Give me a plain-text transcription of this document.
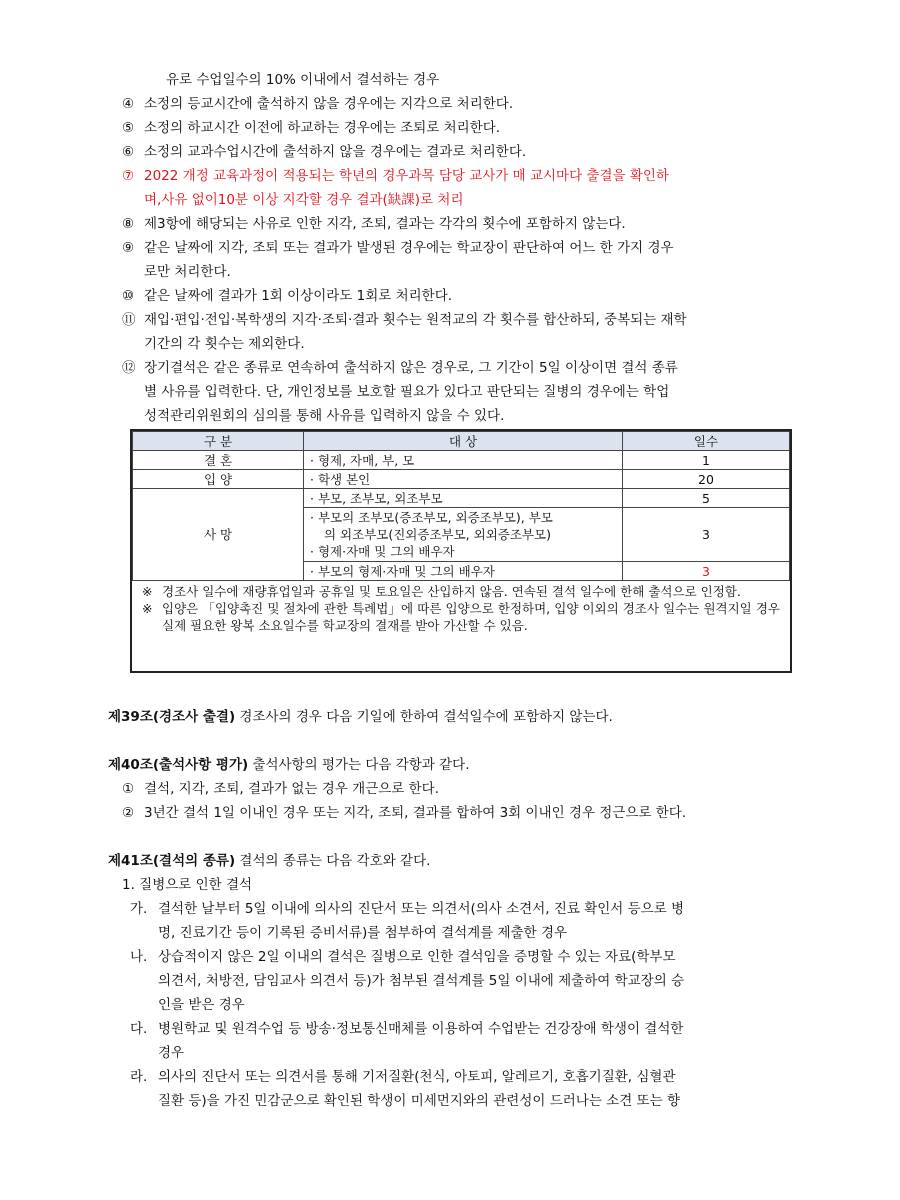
유로 수업일수의 10% 이내에서 결석하는 경우
④ 소정의 등교시간에 출석하지 않을 경우에는 지각으로 처리한다.
⑤ 소정의 하교시간 이전에 하교하는 경우에는 조퇴로 처리한다.
⑥ 소정의 교과수업시간에 출석하지 않을 경우에는 결과로 처리한다.
⑦ 2022 개정 교육과정이 적용되는 학년의 경우과목 담당 교사가 매 교시마다 출결을 확인하
며,사유 없이10분 이상 지각할 경우 결과(缺課)로 처리
⑧ 제3항에 해당되는 사유로 인한 지각, 조퇴, 결과는 각각의 횟수에 포함하지 않는다.
⑨ 같은 날짜에 지각, 조퇴 또는 결과가 발생된 경우에는 학교장이 판단하여 어느 한 가지 경우
로만 처리한다.
⑩ 같은 날짜에 결과가 1회 이상이라도 1회로 처리한다.
⑪ 재입·편입·전입·복학생의 지각·조퇴·결과 횟수는 원적교의 각 횟수를 합산하되, 중복되는 재학
기간의 각 횟수는 제외한다.
⑫ 장기결석은 같은 종류로 연속하여 출석하지 않은 경우로, 그 기간이 5일 이상이면 결석 종류
별 사유를 입력한다. 단, 개인정보를 보호할 필요가 있다고 판단되는 질병의 경우에는 학업
성적관리위원회의 심의를 통해 사유를 입력하지 않을 수 있다.
구 분	대 상	일수
결 혼	· 형제, 자매, 부, 모	1
입 양	· 학생 본인	20
사 망	· 부모, 조부모, 외조부모	5

	· 부모의 조부모(증조부모, 외증조부모), 부모
의 외조부모(진외증조부모, 외외증조부모)
· 형제·자매 및 그의 배우자	3
	· 부모의 형제·자매 및 그의 배우자	3
※ 경조사 일수에 재량휴업일과 공휴일 및 토요일은 산입하지 않음. 연속된 결석 일수에 한해 출석으로 인정함.
※ 입양은 「입양촉진 및 절차에 관한 특례법」에 따른 입양으로 한정하며, 입양 이외의 경조사 일수는 원격지일 경우 실제 필요한 왕복 소요일수를 학교장의 결재를 받아 가산할 수 있음.
제39조(경조사 출결) 경조사의 경우 다음 기일에 한하여 결석일수에 포함하지 않는다.
제40조(출석사항 평가) 출석사항의 평가는 다음 각항과 같다.
① 결석, 지각, 조퇴, 결과가 없는 경우 개근으로 한다.
② 3년간 결석 1일 이내인 경우 또는 지각, 조퇴, 결과를 합하여 3회 이내인 경우 정근으로 한다.
제41조(결석의 종류) 결석의 종류는 다음 각호와 같다.
1. 질병으로 인한 결석
가. 결석한 날부터 5일 이내에 의사의 진단서 또는 의견서(의사 소견서, 진료 확인서 등으로 병
명, 진료기간 등이 기록된 증비서류)를 첨부하여 결석계를 제출한 경우
나. 상습적이지 않은 2일 이내의 결석은 질병으로 인한 결석임을 증명할 수 있는 자료(학부모
의견서, 처방전, 담임교사 의견서 등)가 첨부된 결석계를 5일 이내에 제출하여 학교장의 승
인을 받은 경우
다. 병원학교 및 원격수업 등 방송·정보통신매체를 이용하여 수업받는 건강장애 학생이 결석한
경우
라. 의사의 진단서 또는 의견서를 통해 기저질환(천식, 아토피, 알레르기, 호흡기질환, 심혈관
질환 등)을 가진 민감군으로 확인된 학생이 미세먼지와의 관련성이 드러나는 소견 또는 향
